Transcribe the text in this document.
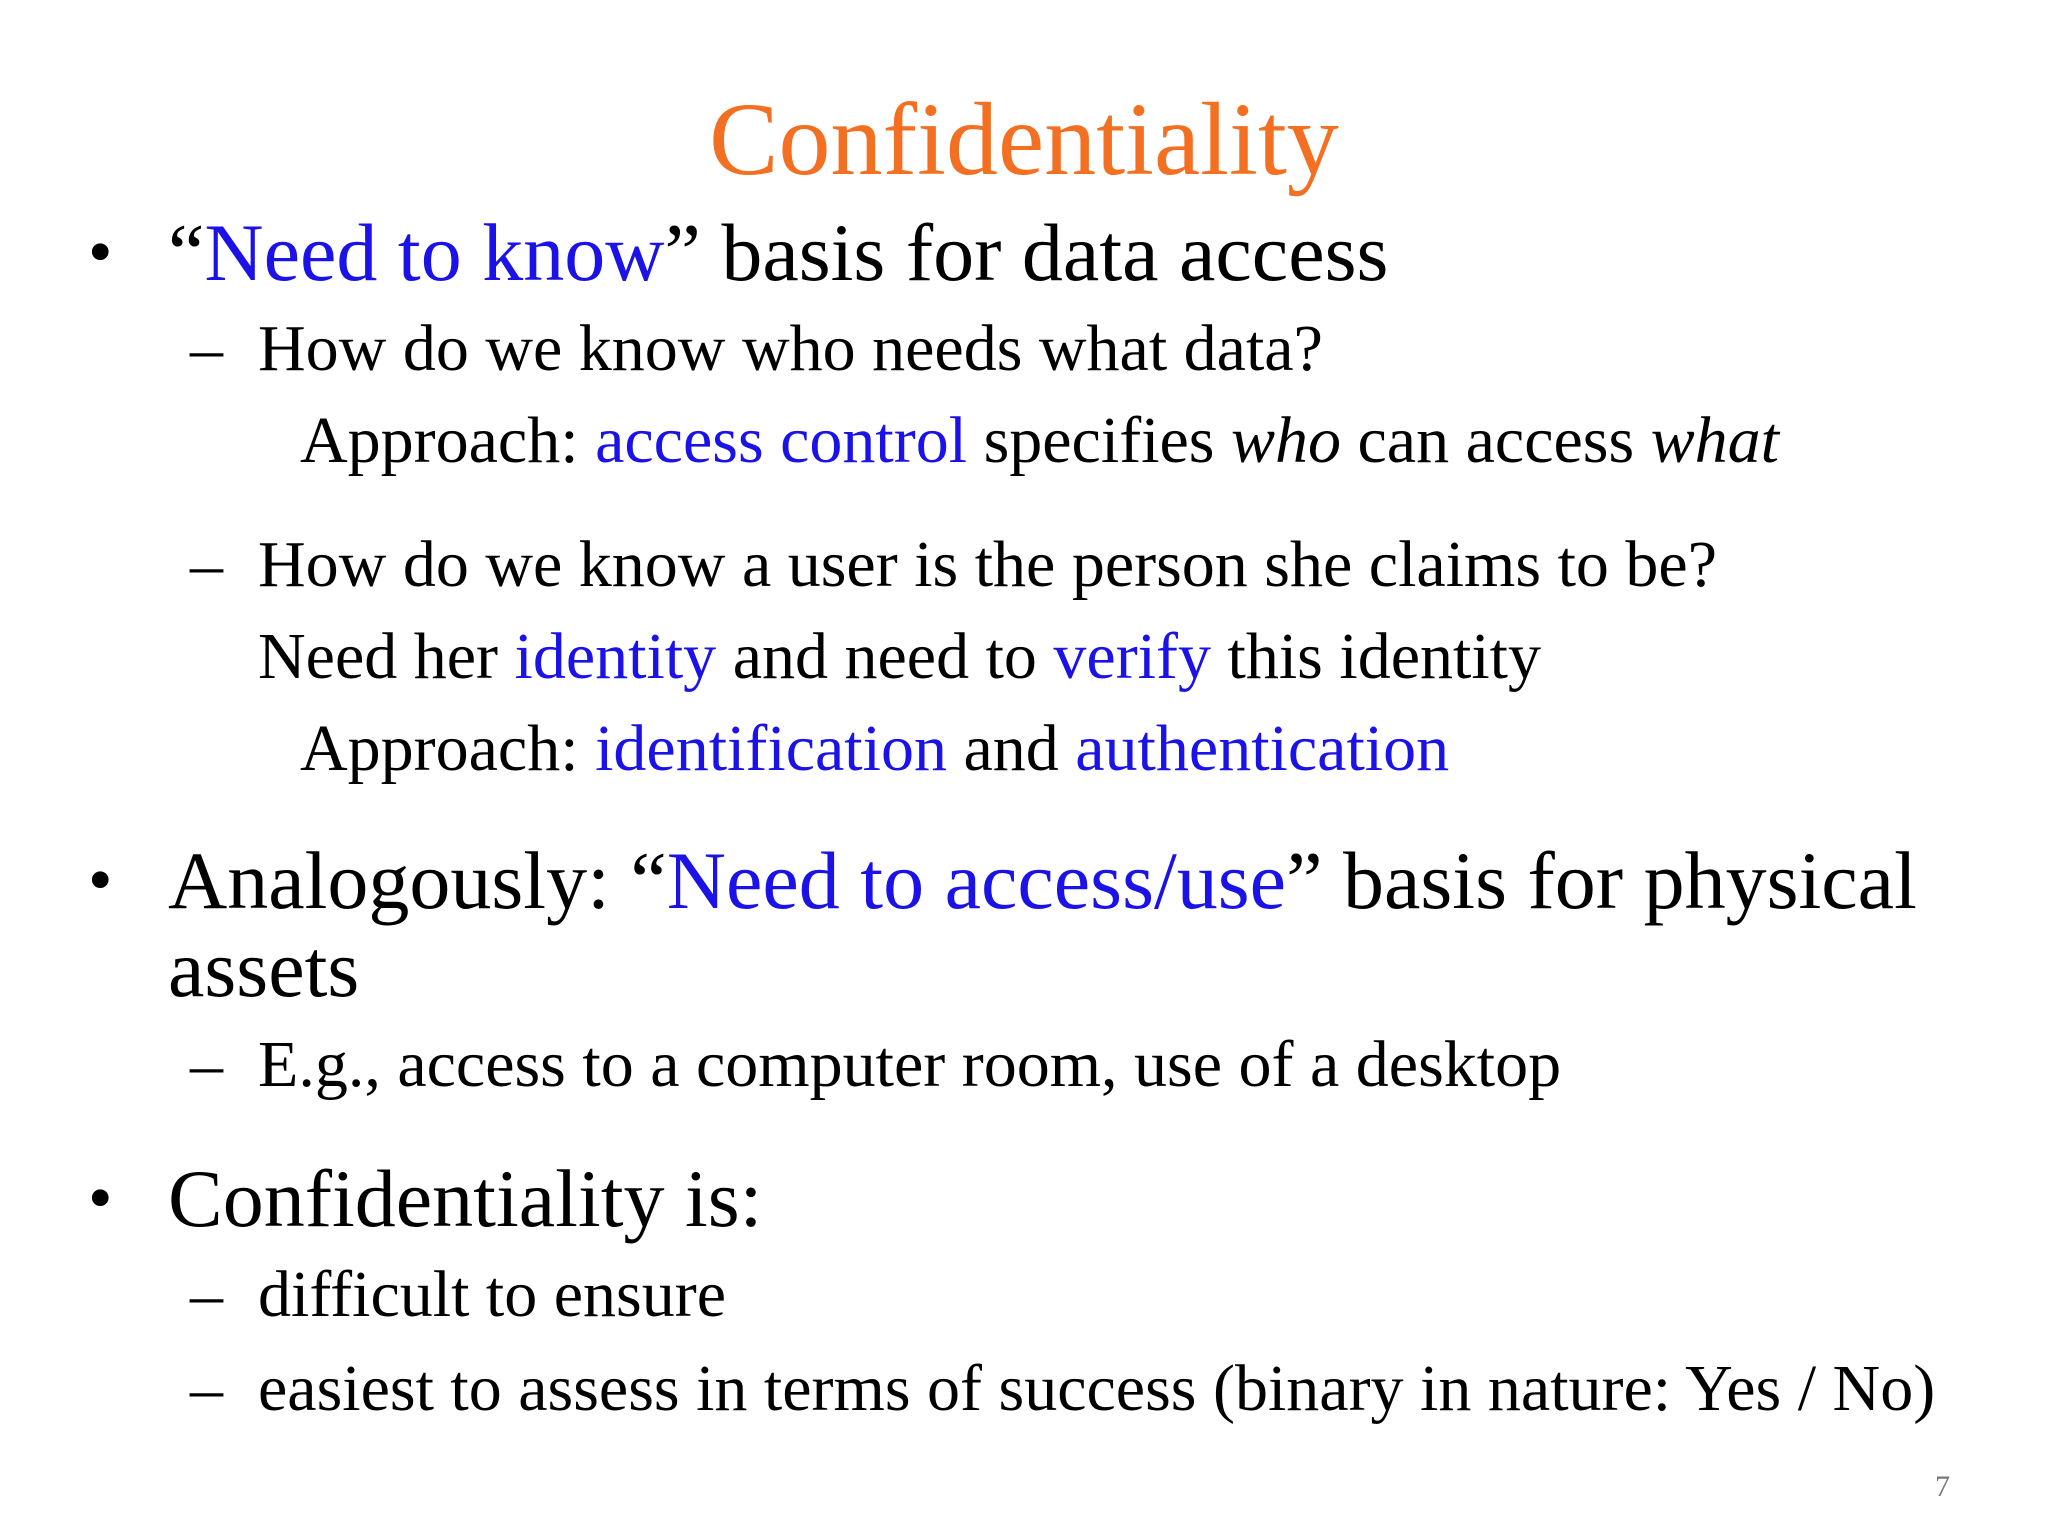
Confidentiality
• “Need to know” basis for data access
– How do we know who needs what data?
Approach: access control specifies who can access what
– How do we know a user is the person she claims to be?
Need her identity and need to verify this identity
Approach: identification and authentication
• Analogously: “Need to access/use” basis for physical
assets
– E.g., access to a computer room, use of a desktop
• Confidentiality is:
– difficult to ensure
– easiest to assess in terms of success (binary in nature: Yes / No)
7
